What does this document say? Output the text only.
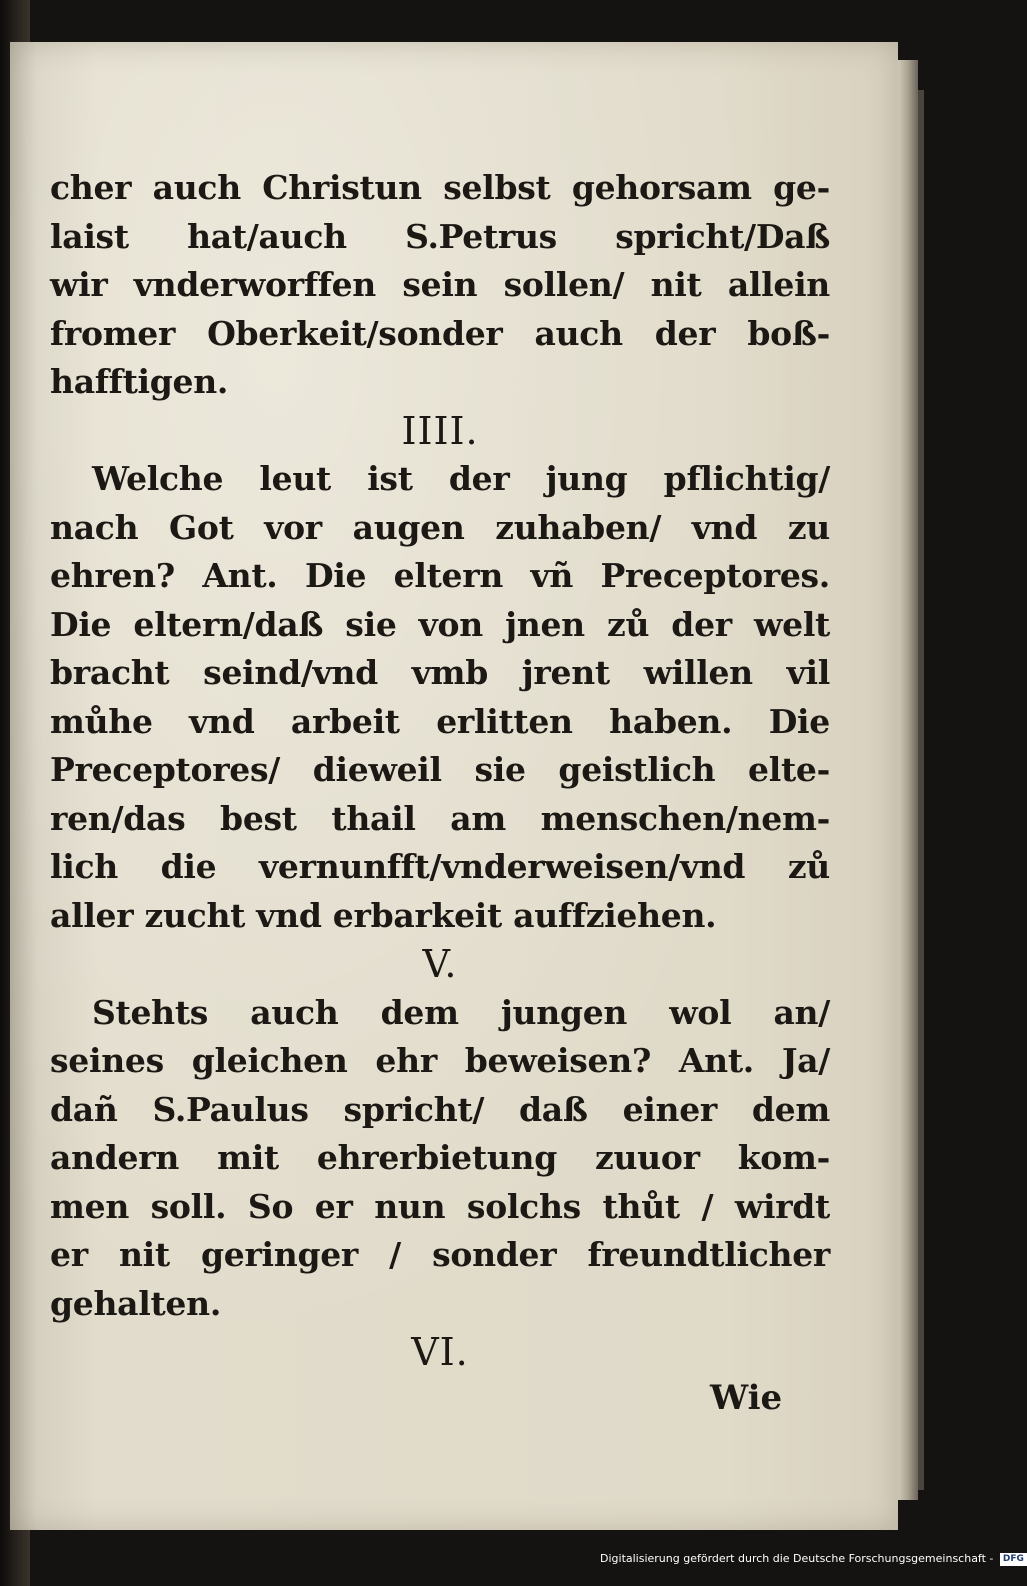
cher auch Christun selbst gehorsam ge-
laist hat/auch S.Petrus spricht/Daß
wir vnderworffen sein sollen/ nit allein
fromer Oberkeit/sonder auch der boß-
hafftigen.
IIII.
Welche leut ist der jung pflichtig/
nach Got vor augen zuhaben/ vnd zu
ehren? Ant. Die eltern vñ Preceptores.
Die eltern/daß sie von jnen zů der welt
bracht seind/vnd vmb jrent willen vil
můhe vnd arbeit erlitten haben. Die
Preceptores/ dieweil sie geistlich elte-
ren/das best thail am menschen/nem-
lich die vernunfft/vnderweisen/vnd zů
aller zucht vnd erbarkeit auffziehen.
V.
Stehts auch dem jungen wol an/
seines gleichen ehr beweisen? Ant. Ja/
dañ S.Paulus spricht/ daß einer dem
andern mit ehrerbietung zuuor kom-
men soll. So er nun solchs thůt / wirdt
er nit geringer / sonder freundtlicher
gehalten.
VI.
Wie
Digitalisierung gefördert durch die Deutsche Forschungsgemeinschaft - DFG
